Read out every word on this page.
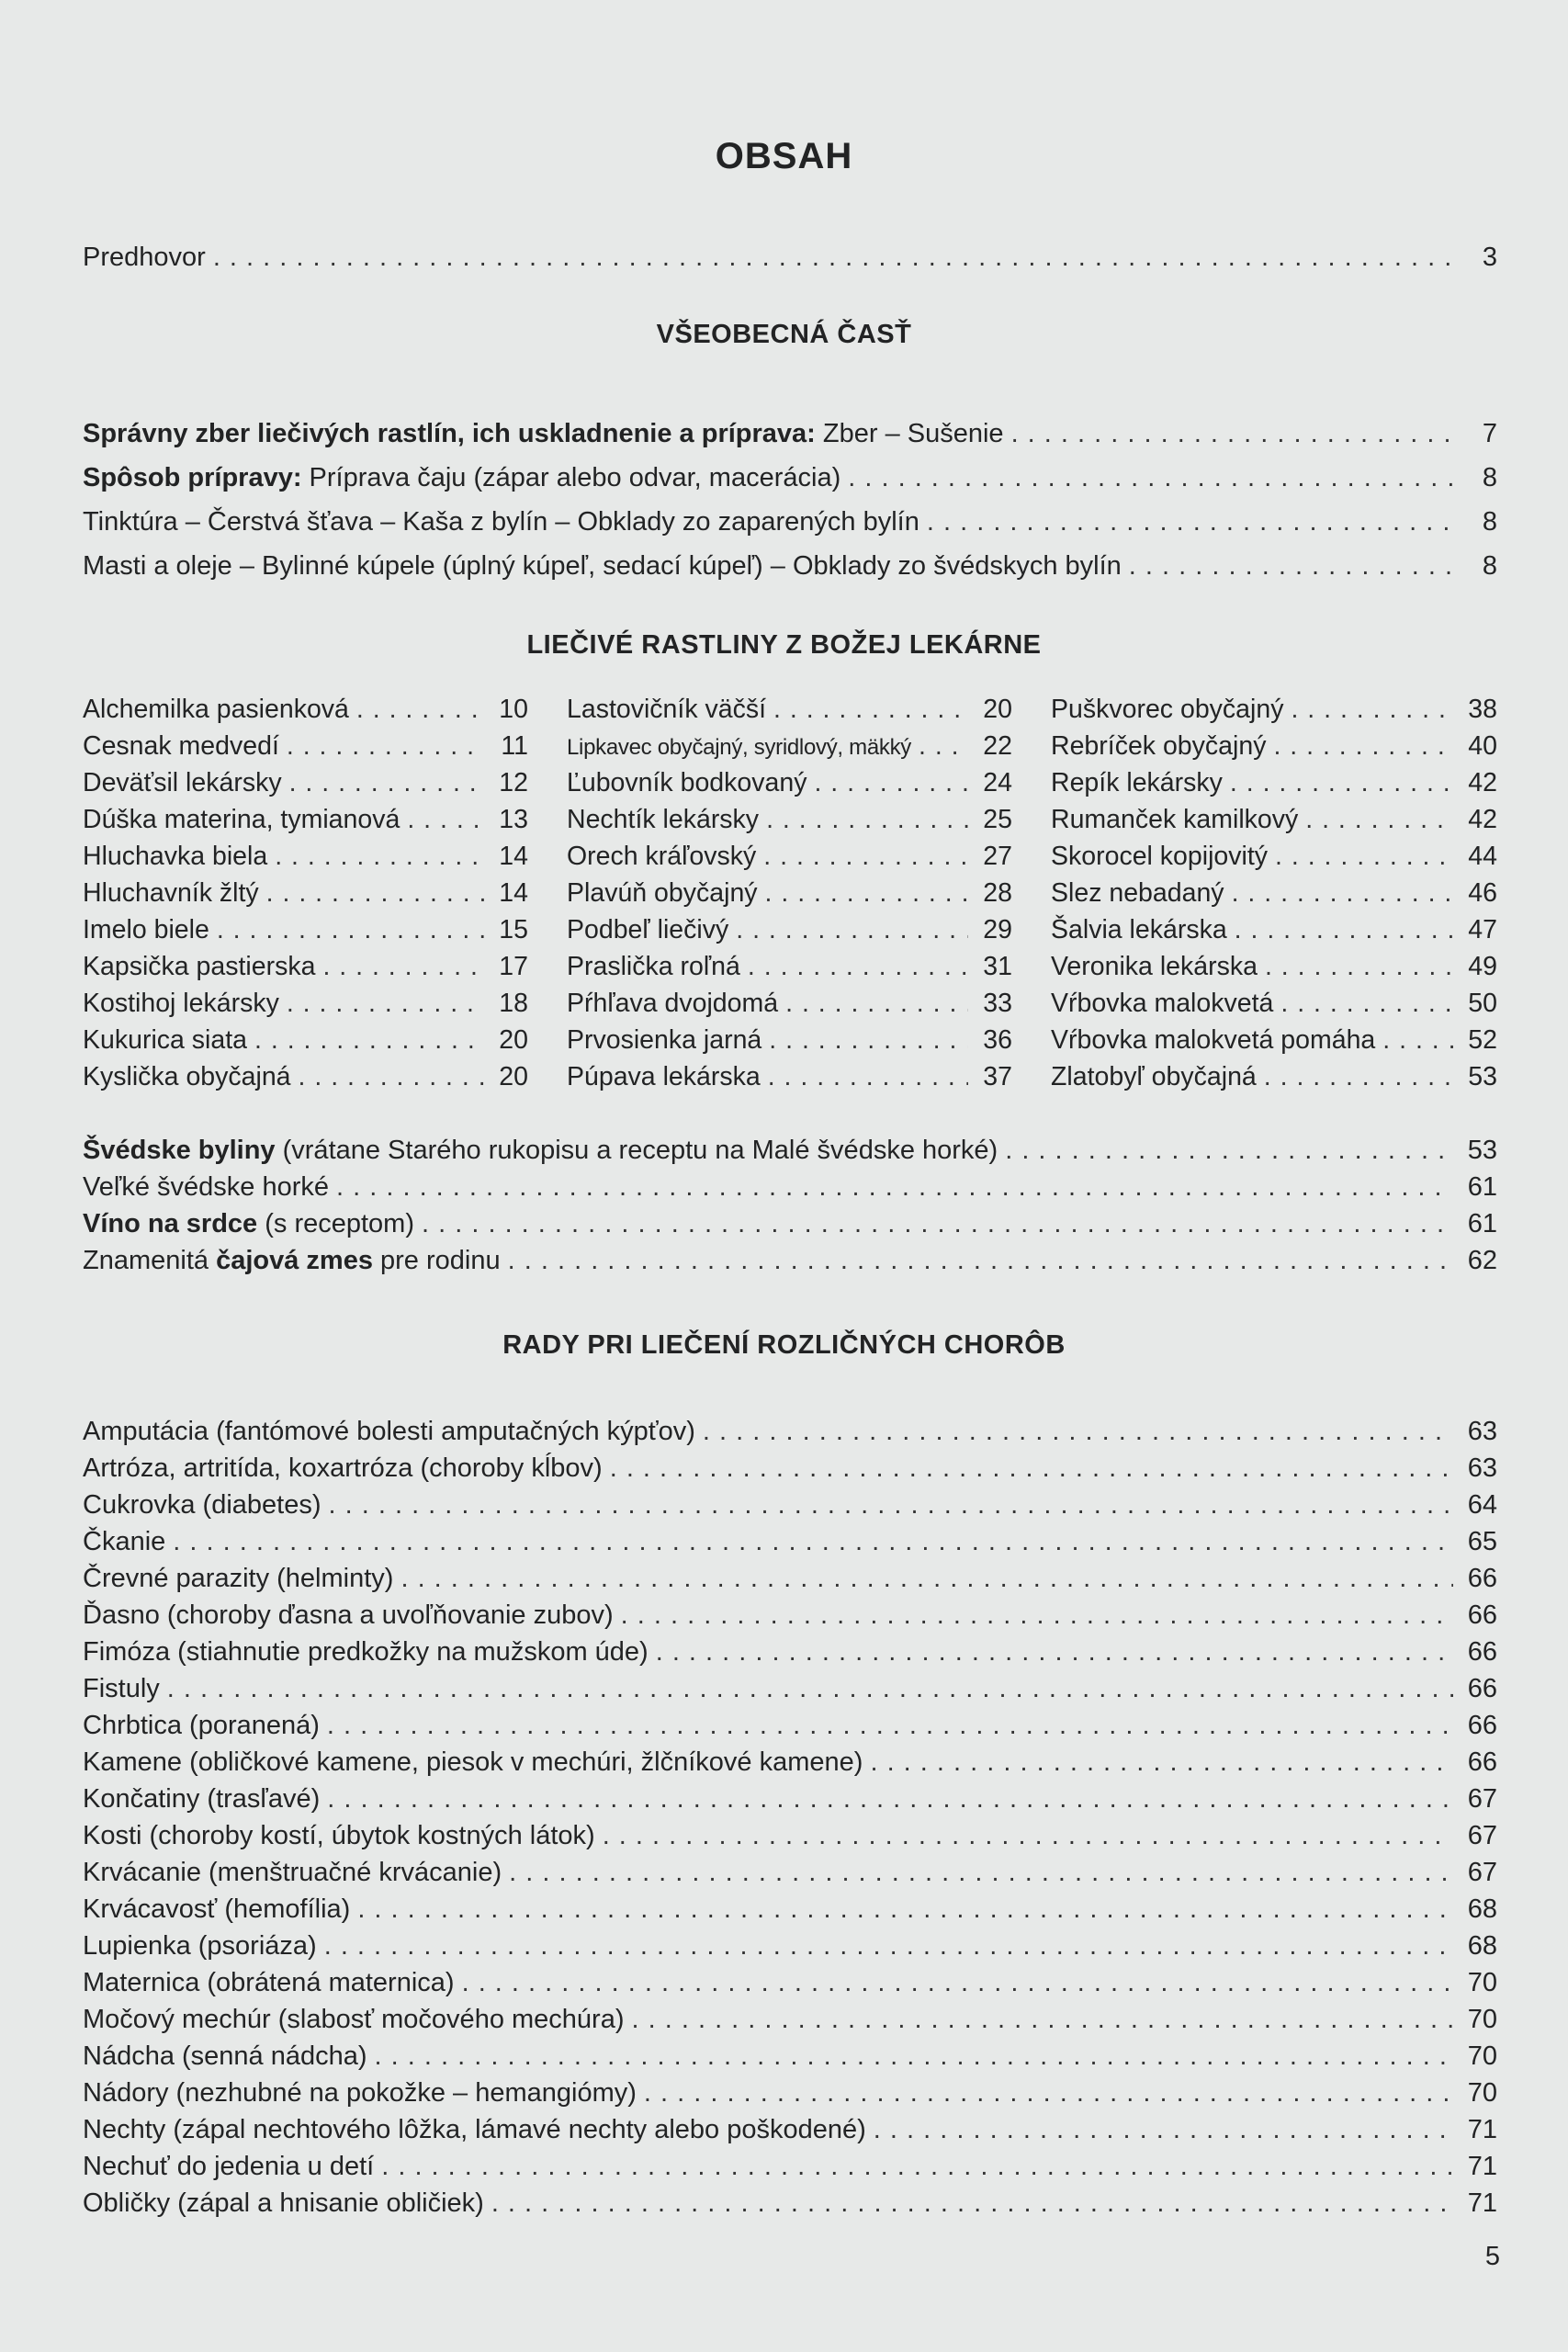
OBSAH
Predhovor . . .	3
VŠEOBECNÁ ČASŤ
Správny zber liečivých rastlín, ich uskladnenie a príprava: Zber – Sušenie . . .	7
Spôsob prípravy: Príprava čaju (zápar alebo odvar, macerácia) . . .	8
Tinktúra – Čerstvá šťava – Kaša z bylín – Obklady zo zaparených bylín . . .	8
Masti a oleje – Bylinné kúpele (úplný kúpeľ, sedací kúpeľ) – Obklady zo švédskych bylín . . .	8
LIEČIVÉ RASTLINY Z BOŽEJ LEKÁRNE
Alchemilka pasienková . . .	10
Cesnak medvedí . . .	11
Deväťsil lekársky . . .	12
Dúška materina, tymianová . . .	13
Hluchavka biela . . .	14
Hluchavník žltý . . .	14
Imelo biele . . .	15
Kapsička pastierska . . .	17
Kostihoj lekársky . . .	18
Kukurica siata . . .	20
Kyslička obyčajná . . .	20
Lastovičník väčší . . .	20
Lipkavec obyčajný, syridlový, mäkký . . .	22
Ľubovník bodkovaný . . .	24
Nechtík lekársky . . .	25
Orech kráľovský . . .	27
Plavúň obyčajný . . .	28
Podbeľ liečivý . . .	29
Praslička roľná . . .	31
Pŕhľava dvojdomá . . .	33
Prvosienka jarná . . .	36
Púpava lekárska . . .	37
Puškvorec obyčajný . . .	38
Rebríček obyčajný . . .	40
Repík lekársky . . .	42
Rumanček kamilkový . . .	42
Skorocel kopijovitý . . .	44
Slez nebadaný . . .	46
Šalvia lekárska . . .	47
Veronika lekárska . . .	49
Vŕbovka malokvetá . . .	50
Vŕbovka malokvetá pomáha . . .	52
Zlatobyľ obyčajná . . .	53
Švédske byliny (vrátane Starého rukopisu a receptu na Malé švédske horké) . . .	53
Veľké švédske horké . . .	61
Víno na srdce (s receptom) . . .	61
Znamenitá čajová zmes pre rodinu . . .	62
RADY PRI LIEČENÍ ROZLIČNÝCH CHORÔB
Amputácia (fantómové bolesti amputačných kýpťov) . . .	63
Artróza, artritída, koxartróza (choroby kĺbov) . . .	63
Cukrovka (diabetes) . . .	64
Čkanie . . .	65
Črevné parazity (helminty) . . .	66
Ďasno (choroby ďasna a uvoľňovanie zubov) . . .	66
Fimóza (stiahnutie predkožky na mužskom úde) . . .	66
Fistuly . . .	66
Chrbtica (poranená) . . .	66
Kamene (obličkové kamene, piesok v mechúri, žlčníkové kamene) . . .	66
Končatiny (trasľavé) . . .	67
Kosti (choroby kostí, úbytok kostných látok) . . .	67
Krvácanie (menštruačné krvácanie) . . .	67
Krvácavosť (hemofília) . . .	68
Lupienka (psoriáza) . . .	68
Maternica (obrátená maternica) . . .	70
Močový mechúr (slabosť močového mechúra) . . .	70
Nádcha (senná nádcha) . . .	70
Nádory (nezhubné na pokožke – hemangiómy) . . .	70
Nechty (zápal nechtového lôžka, lámavé nechty alebo poškodené) . . .	71
Nechuť do jedenia u detí . . .	71
Obličky (zápal a hnisanie obličiek) . . .	71
5
